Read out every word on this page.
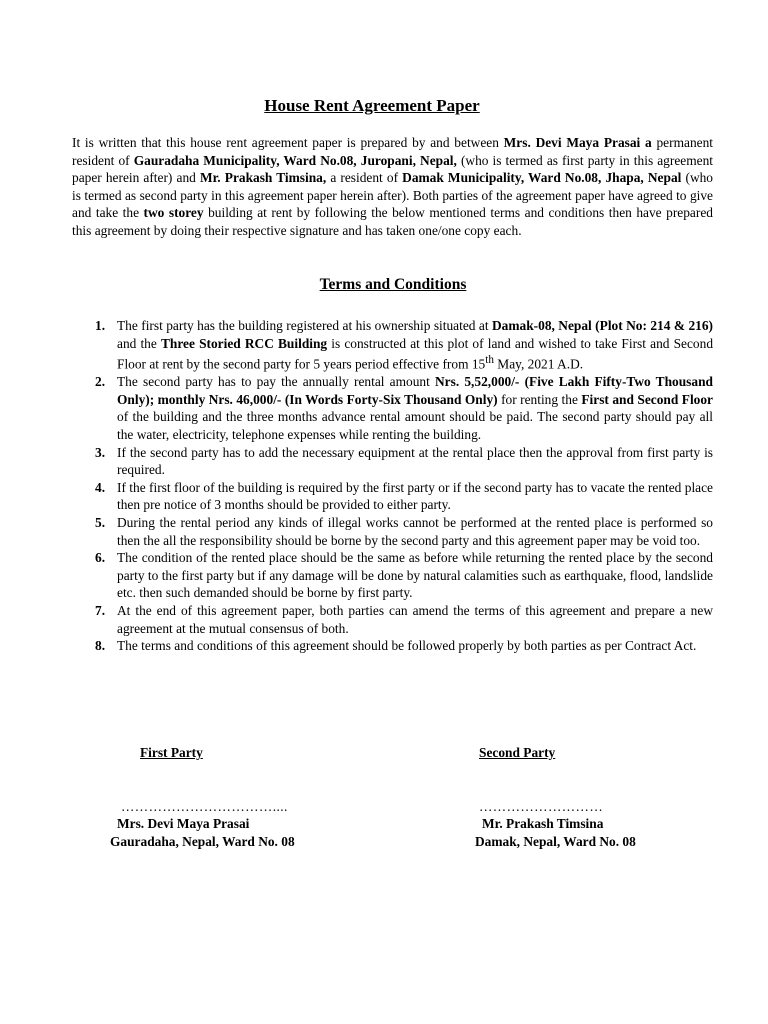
House Rent Agreement Paper

It is written that this house rent agreement paper is prepared by and between Mrs. Devi Maya Prasai a permanent resident of Gauradaha Municipality, Ward No.08, Juropani, Nepal, (who is termed as first party in this agreement paper herein after) and Mr. Prakash Timsina, a resident of Damak Municipality, Ward No.08, Jhapa, Nepal (who is termed as second party in this agreement paper herein after). Both parties of the agreement paper have agreed to give and take the two storey building at rent by following the below mentioned terms and conditions then have prepared this agreement by doing their respective signature and has taken one/one copy each.

Terms and Conditions
1. The first party has the building registered at his ownership situated at Damak-08, Nepal (Plot No: 214 & 216) and the Three Storied RCC Building is constructed at this plot of land and wished to take First and Second Floor at rent by the second party for 5 years period effective from 15th May, 2021 A.D.
2. The second party has to pay the annually rental amount Nrs. 5,52,000/- (Five Lakh Fifty-Two Thousand Only); monthly Nrs. 46,000/- (In Words Forty-Six Thousand Only) for renting the First and Second Floor of the building and the three months advance rental amount should be paid. The second party should pay all the water, electricity, telephone expenses while renting the building.
3. If the second party has to add the necessary equipment at the rental place then the approval from first party is required.
4. If the first floor of the building is required by the first party or if the second party has to vacate the rented place then pre notice of 3 months should be provided to either party.
5. During the rental period any kinds of illegal works cannot be performed at the rented place is performed so then the all the responsibility should be borne by the second party and this agreement paper may be void too.
6. The condition of the rented place should be the same as before while returning the rented place by the second party to the first party but if any damage will be done by natural calamities such as earthquake, flood, landslide etc. then such demanded should be borne by first party.
7. At the end of this agreement paper, both parties can amend the terms of this agreement and prepare a new agreement at the mutual consensus of both.
8. The terms and conditions of this agreement should be followed properly by both parties as per Contract Act.
First Party	Second Party
……………………………....	………………………
Mrs. Devi Maya Prasai	Mr. Prakash Timsina
Gauradaha, Nepal, Ward No. 08	Damak, Nepal, Ward No. 08
